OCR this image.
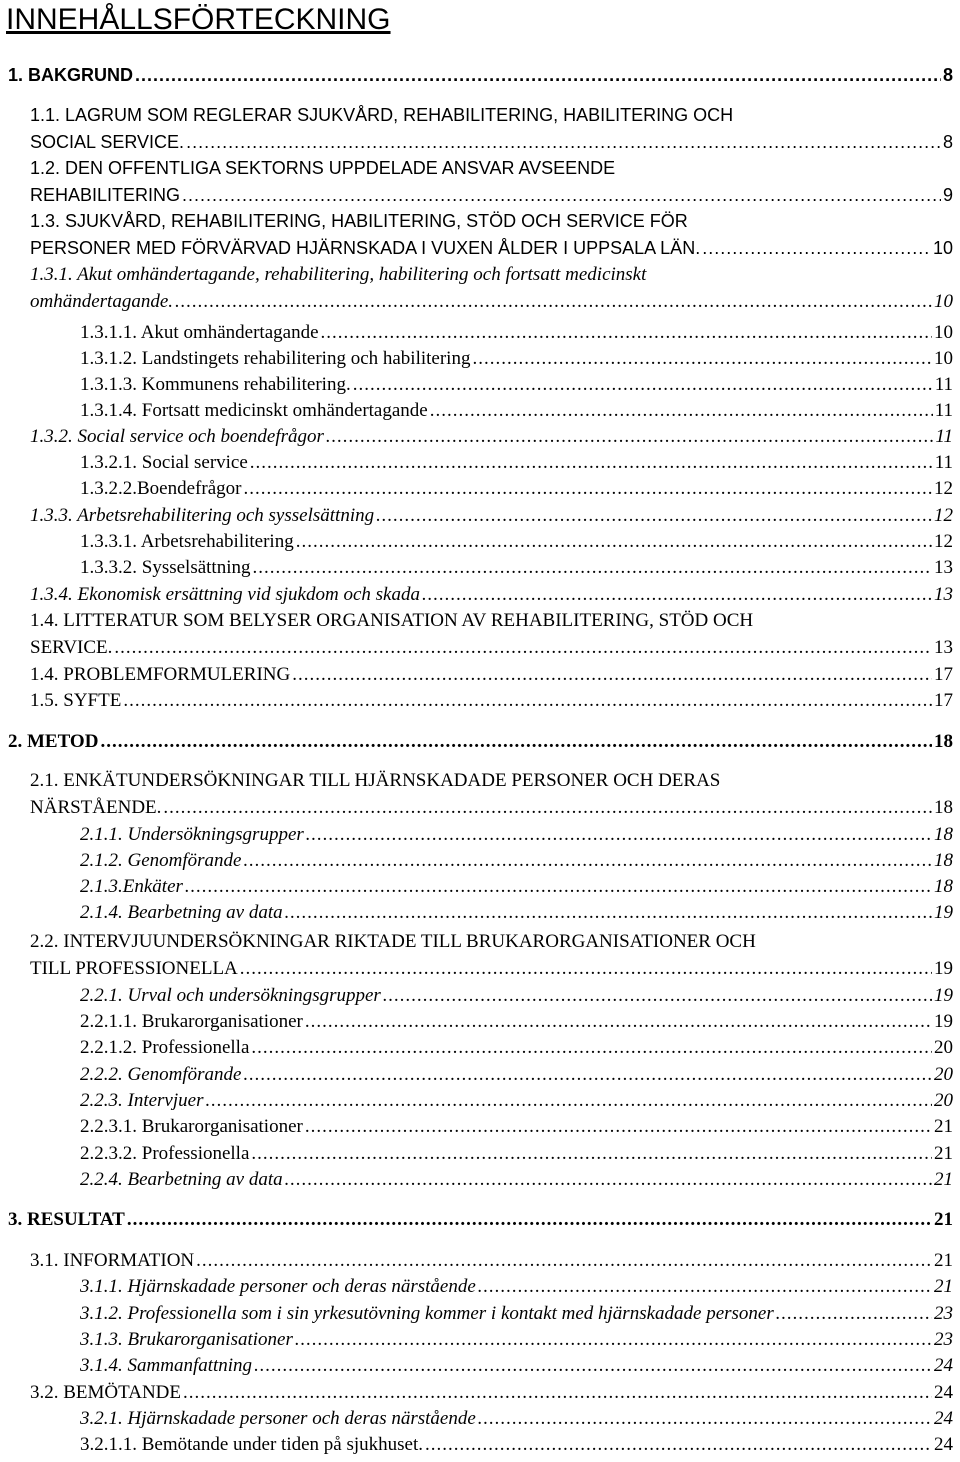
INNEHÅLLSFÖRTECKNING
1. BAKGRUND .....	8
1.1. LAGRUM SOM REGLERAR SJUKVÅRD, REHABILITERING, HABILITERING OCH
SOCIAL SERVICE. .....	8
1.2. DEN OFFENTLIGA SEKTORNS UPPDELADE ANSVAR AVSEENDE
REHABILITERING .....	9
1.3. SJUKVÅRD, REHABILITERING, HABILITERING, STÖD OCH SERVICE FÖR
PERSONER MED FÖRVÄRVAD HJÄRNSKADA I VUXEN ÅLDER I UPPSALA LÄN. .....	10
1.3.1. Akut omhändertagande, rehabilitering, habilitering och fortsatt medicinskt
omhändertagande. .....	10
1.3.1.1. Akut omhändertagande .....	10
1.3.1.2. Landstingets rehabilitering och habilitering .....	10
1.3.1.3. Kommunens rehabilitering. .....	11
1.3.1.4. Fortsatt medicinskt omhändertagande .....	11
1.3.2. Social service och boendefrågor .....	11
1.3.2.1. Social service .....	11
1.3.2.2.Boendefrågor .....	12
1.3.3. Arbetsrehabilitering och sysselsättning .....	12
1.3.3.1. Arbetsrehabilitering .....	12
1.3.3.2. Sysselsättning .....	13
1.3.4. Ekonomisk ersättning vid sjukdom och skada .....	13
1.4. LITTERATUR SOM BELYSER ORGANISATION AV REHABILITERING, STÖD OCH
SERVICE. .....	13
1.4. PROBLEMFORMULERING .....	17
1.5. SYFTE .....	17
2. METOD .....	18
2.1. ENKÄTUNDERSÖKNINGAR TILL HJÄRNSKADADE PERSONER OCH DERAS
NÄRSTÅENDE. .....	18
2.1.1. Undersökningsgrupper .....	18
2.1.2. Genomförande .....	18
2.1.3.Enkäter .....	18
2.1.4. Bearbetning av data .....	19
2.2. INTERVJUUNDERSÖKNINGAR RIKTADE TILL BRUKARORGANISATIONER OCH
TILL PROFESSIONELLA .....	19
2.2.1. Urval och undersökningsgrupper .....	19
2.2.1.1. Brukarorganisationer .....	19
2.2.1.2. Professionella .....	20
2.2.2. Genomförande .....	20
2.2.3. Intervjuer .....	20
2.2.3.1. Brukarorganisationer .....	21
2.2.3.2. Professionella .....	21
2.2.4. Bearbetning av data .....	21
3. RESULTAT .....	21
3.1. INFORMATION .....	21
3.1.1. Hjärnskadade personer och deras närstående .....	21
3.1.2. Professionella som i sin yrkesutövning kommer i kontakt med hjärnskadade personer .....	23
3.1.3. Brukarorganisationer .....	23
3.1.4. Sammanfattning .....	24
3.2. BEMÖTANDE .....	24
3.2.1. Hjärnskadade personer och deras närstående .....	24
3.2.1.1. Bemötande under tiden på sjukhuset. .....	24
